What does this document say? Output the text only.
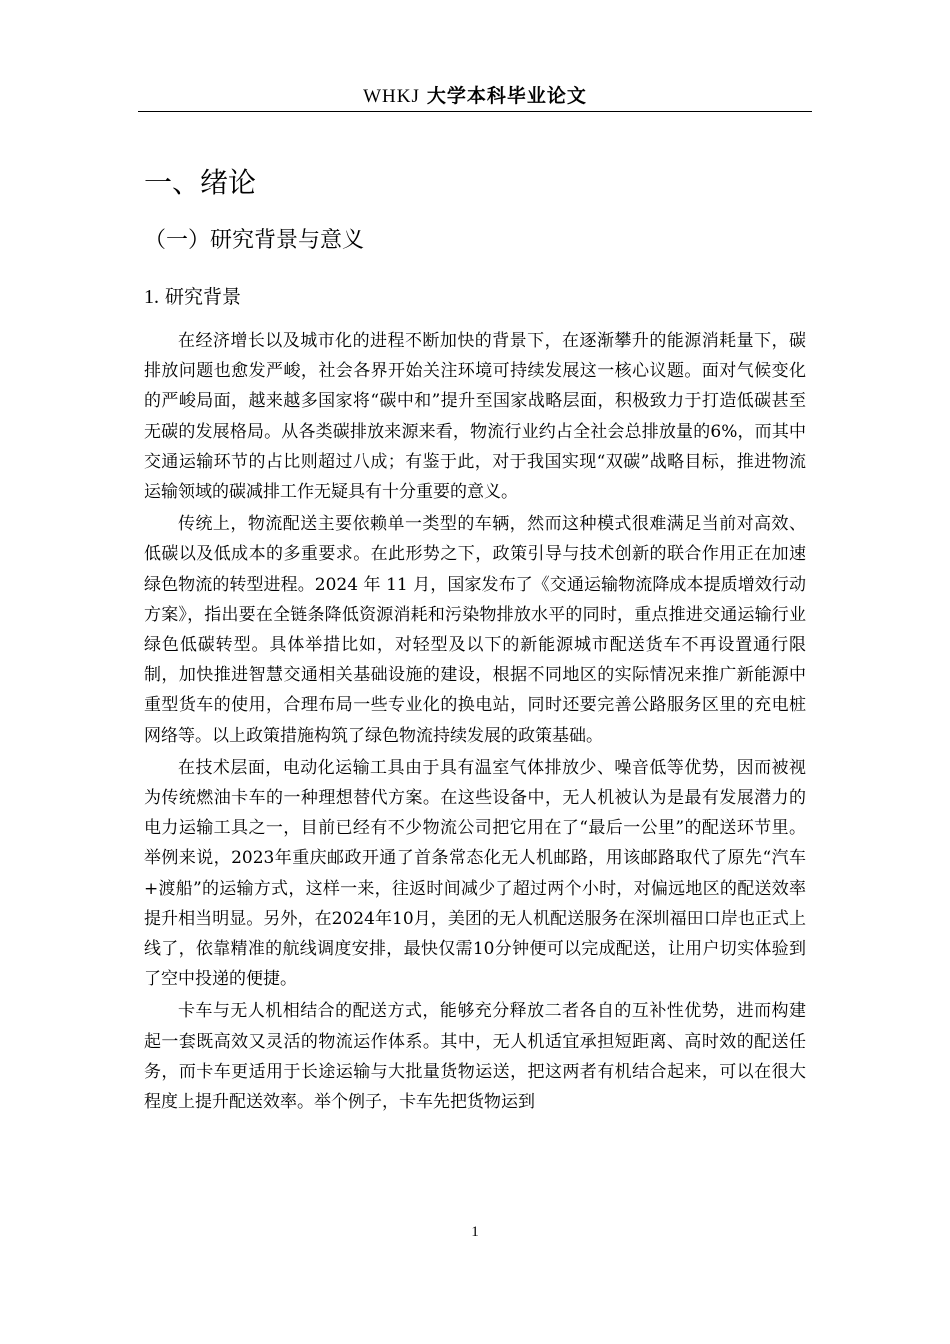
WHKJ 大学本科毕业论文
一、绪论
（一）研究背景与意义
1. 研究背景

在经济增长以及城市化的进程不断加快的背景下，在逐渐攀升的能源消耗量下，碳排放问题也愈发严峻，社会各界开始关注环境可持续发展这一核心议题。面对气候变化的严峻局面，越来越多国家将“碳中和”提升至国家战略层面，积极致力于打造低碳甚至无碳的发展格局。从各类碳排放来源来看，物流行业约占全社会总排放量的6%，而其中交通运输环节的占比则超过八成；有鉴于此，对于我国实现“双碳”战略目标，推进物流运输领域的碳减排工作无疑具有十分重要的意义。

传统上，物流配送主要依赖单一类型的车辆，然而这种模式很难满足当前对高效、低碳以及低成本的多重要求。在此形势之下，政策引导与技术创新的联合作用正在加速绿色物流的转型进程。2024 年 11 月，国家发布了《交通运输物流降成本提质增效行动方案》，指出要在全链条降低资源消耗和污染物排放水平的同时，重点推进交通运输行业绿色低碳转型。具体举措比如，对轻型及以下的新能源城市配送货车不再设置通行限制，加快推进智慧交通相关基础设施的建设，根据不同地区的实际情况来推广新能源中重型货车的使用，合理布局一些专业化的换电站，同时还要完善公路服务区里的充电桩网络等。以上政策措施构筑了绿色物流持续发展的政策基础。

在技术层面，电动化运输工具由于具有温室气体排放少、噪音低等优势，因而被视为传统燃油卡车的一种理想替代方案。在这些设备中，无人机被认为是最有发展潜力的电力运输工具之一，目前已经有不少物流公司把它用在了“最后一公里”的配送环节里。举例来说，2023年重庆邮政开通了首条常态化无人机邮路，用该邮路取代了原先“汽车+渡船”的运输方式，这样一来，往返时间减少了超过两个小时，对偏远地区的配送效率提升相当明显。另外，在2024年10月，美团的无人机配送服务在深圳福田口岸也正式上线了，依靠精准的航线调度安排，最快仅需10分钟便可以完成配送，让用户切实体验到了空中投递的便捷。

卡车与无人机相结合的配送方式，能够充分释放二者各自的互补性优势，进而构建起一套既高效又灵活的物流运作体系。其中，无人机适宜承担短距离、高时效的配送任务，而卡车更适用于长途运输与大批量货物运送，把这两者有机结合起来，可以在很大程度上提升配送效率。举个例子，卡车先把货物运到

1
